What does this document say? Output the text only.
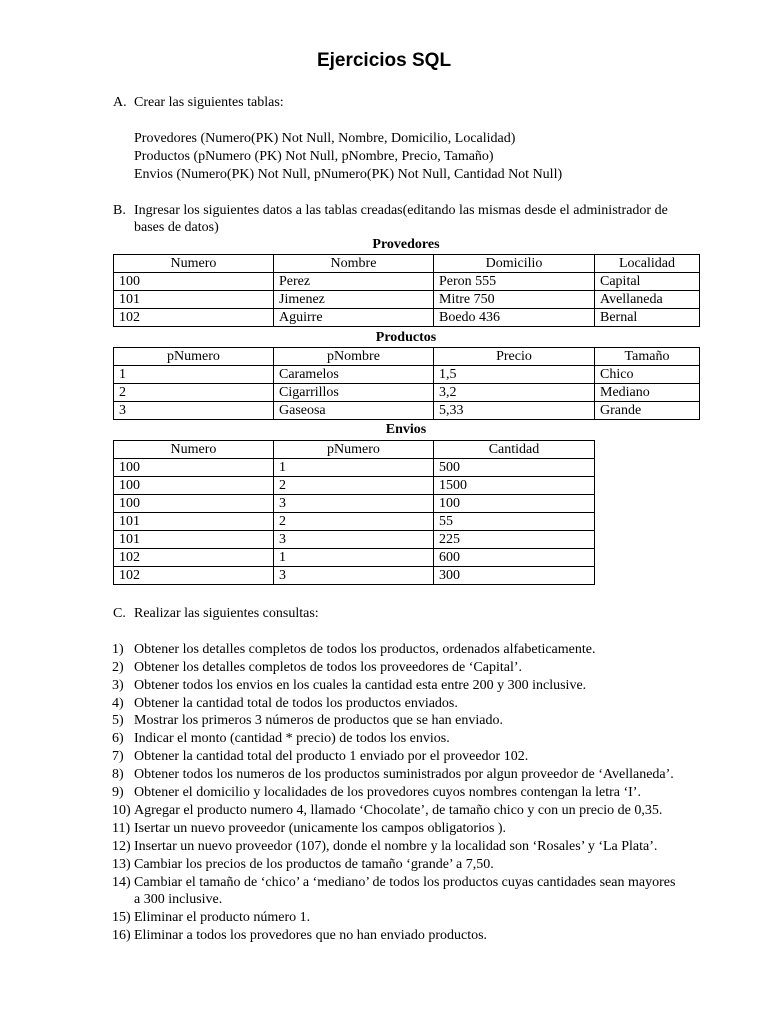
Ejercicios SQL
A. Crear las siguientes tablas:
Provedores (Numero(PK) Not Null, Nombre, Domicilio, Localidad)
Productos (pNumero (PK) Not Null, pNombre, Precio, Tamaño)
Envios (Numero(PK) Not Null, pNumero(PK) Not Null, Cantidad Not Null)
B. Ingresar los siguientes datos a las tablas creadas(editando las mismas desde el administrador de
bases de datos)
Provedores
Numero	Nombre	Domicilio	Localidad
100	Perez	Peron 555	Capital
101	Jimenez	Mitre 750	Avellaneda
102	Aguirre	Boedo 436	Bernal
Productos
pNumero	pNombre	Precio	Tamaño
1	Caramelos	1,5	Chico
2	Cigarrillos	3,2	Mediano
3	Gaseosa	5,33	Grande
Envios
Numero	pNumero	Cantidad
100	1	500
100	2	1500
100	3	100
101	2	55
101	3	225
102	1	600
102	3	300
C. Realizar las siguientes consultas:
1) Obtener los detalles completos de todos los productos, ordenados alfabeticamente.
2) Obtener los detalles completos de todos los proveedores de ‘Capital’.
3) Obtener todos los envios en los cuales la cantidad esta entre 200 y 300 inclusive.
4) Obtener la cantidad total de todos los productos enviados.
5) Mostrar los primeros 3 números de productos que se han enviado.
6) Indicar el monto (cantidad * precio) de todos los envios.
7) Obtener la cantidad total del producto 1 enviado por el proveedor 102.
8) Obtener todos los numeros de los productos suministrados por algun proveedor de ‘Avellaneda’.
9) Obtener el domicilio y localidades de los provedores cuyos nombres contengan la letra ‘I’.
10) Agregar el producto numero 4, llamado ‘Chocolate’, de tamaño chico y con un precio de 0,35.
11) Isertar un nuevo proveedor (unicamente los campos obligatorios ).
12) Insertar un nuevo proveedor (107), donde el nombre y la localidad son ‘Rosales’ y ‘La Plata’.
13) Cambiar los precios de los productos de tamaño ‘grande’ a 7,50.
14) Cambiar el tamaño de ‘chico’ a ‘mediano’ de todos los productos cuyas cantidades sean mayores
a 300 inclusive.
15) Eliminar el producto número 1.
16) Eliminar a todos los provedores que no han enviado productos.
